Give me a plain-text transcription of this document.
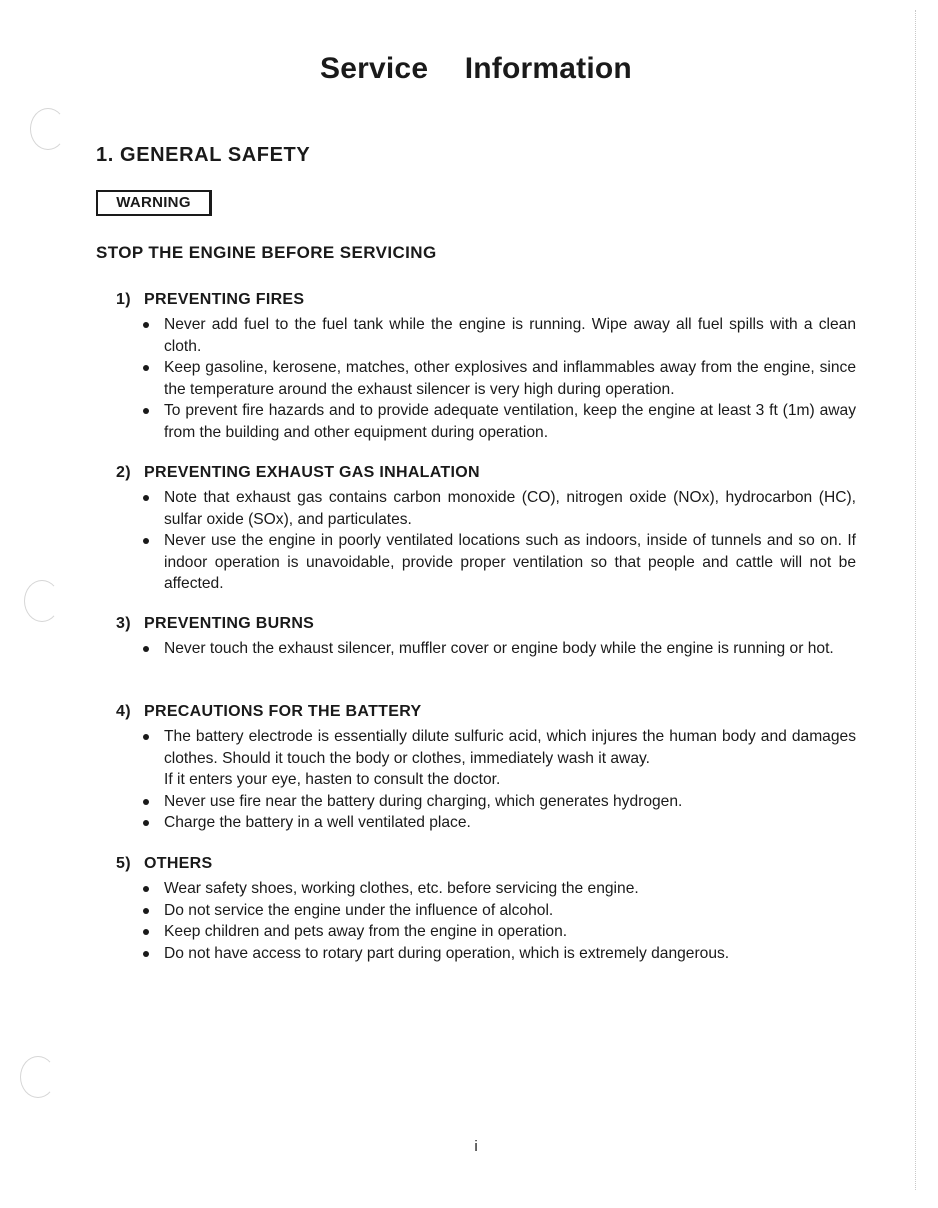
Service Information
1. GENERAL SAFETY
WARNING
STOP THE ENGINE BEFORE SERVICING
1) PREVENTING FIRES
Never add fuel to the fuel tank while the engine is running. Wipe away all fuel spills with a clean cloth.
Keep gasoline, kerosene, matches, other explosives and inflammables away from the engine, since the temperature around the exhaust silencer is very high during operation.
To prevent fire hazards and to provide adequate ventilation, keep the engine at least 3 ft (1m) away from the building and other equipment during operation.
2) PREVENTING EXHAUST GAS INHALATION
Note that exhaust gas contains carbon monoxide (CO), nitrogen oxide (NOx), hydrocarbon (HC), sulfar oxide (SOx), and particulates.
Never use the engine in poorly ventilated locations such as indoors, inside of tunnels and so on. If indoor operation is unavoidable, provide proper ventilation so that people and cattle will not be affected.
3) PREVENTING BURNS
Never touch the exhaust silencer, muffler cover or engine body while the engine is running or hot.
4) PRECAUTIONS FOR THE BATTERY
The battery electrode is essentially dilute sulfuric acid, which injures the human body and damages clothes. Should it touch the body or clothes, immediately wash it away.
If it enters your eye, hasten to consult the doctor.
Never use fire near the battery during charging, which generates hydrogen.
Charge the battery in a well ventilated place.
5) OTHERS
Wear safety shoes, working clothes, etc. before servicing the engine.
Do not service the engine under the influence of alcohol.
Keep children and pets away from the engine in operation.
Do not have access to rotary part during operation, which is extremely dangerous.
i
